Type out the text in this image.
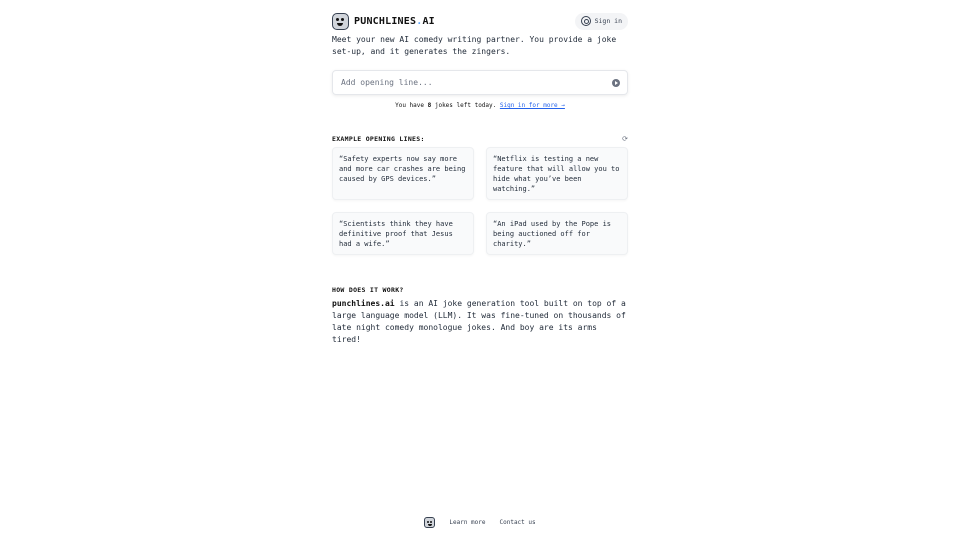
PUNCHLINES.AI	Sign in

Meet your new AI comedy writing partner. You provide a joke set-up, and it generates the zingers.

Add opening line...
You have 8 jokes left today. Sign in for more →
EXAMPLE OPENING LINES:	⟳
“Safety experts now say more and more car crashes are being caused by GPS devices.”
“Netflix is testing a new feature that will allow you to hide what you’ve been watching.”
“Scientists think they have definitive proof that Jesus had a wife.”
“An iPad used by the Pope is being auctioned off for charity.”
HOW DOES IT WORK?

punchlines.ai is an AI joke generation tool built on top of a large language model (LLM). It was fine-tuned on thousands of late night comedy monologue jokes. And boy are its arms tired!

Learn more Contact us
